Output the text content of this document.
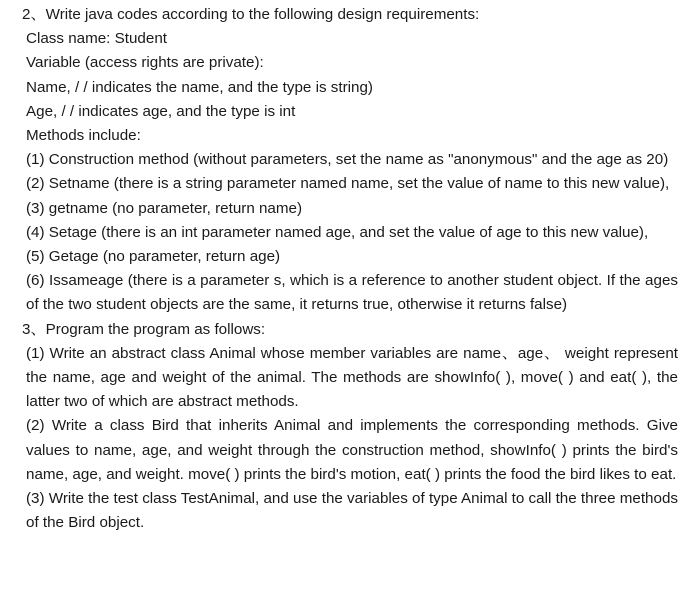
2、Write java codes according to the following design requirements:
Class name: Student
Variable (access rights are private):
Name, / / indicates the name, and the type is string)
Age, / / indicates age, and the type is int
Methods include:
(1) Construction method (without parameters, set the name as "anonymous" and the age as 20)
(2) Setname (there is a string parameter named name, set the value of name to this new value),
(3) getname (no parameter, return name)
(4) Setage (there is an int parameter named age, and set the value of age to this new value),
(5) Getage (no parameter, return age)
(6) Issameage (there is a parameter s, which is a reference to another student object. If the ages of the two student objects are the same, it returns true, otherwise it returns false)
3、Program the program as follows:
(1) Write an abstract class Animal whose member variables are name、age、 weight represent the name, age and weight of the animal. The methods are showInfo( ), move( ) and eat( ), the latter two of which are abstract methods.
(2) Write a class Bird that inherits Animal and implements the corresponding methods. Give values to name, age, and weight through the construction method, showInfo( ) prints the bird's name, age, and weight. move( ) prints the bird's motion, eat( ) prints the food the bird likes to eat.
(3) Write the test class TestAnimal, and use the variables of type Animal to call the three methods of the Bird object.
